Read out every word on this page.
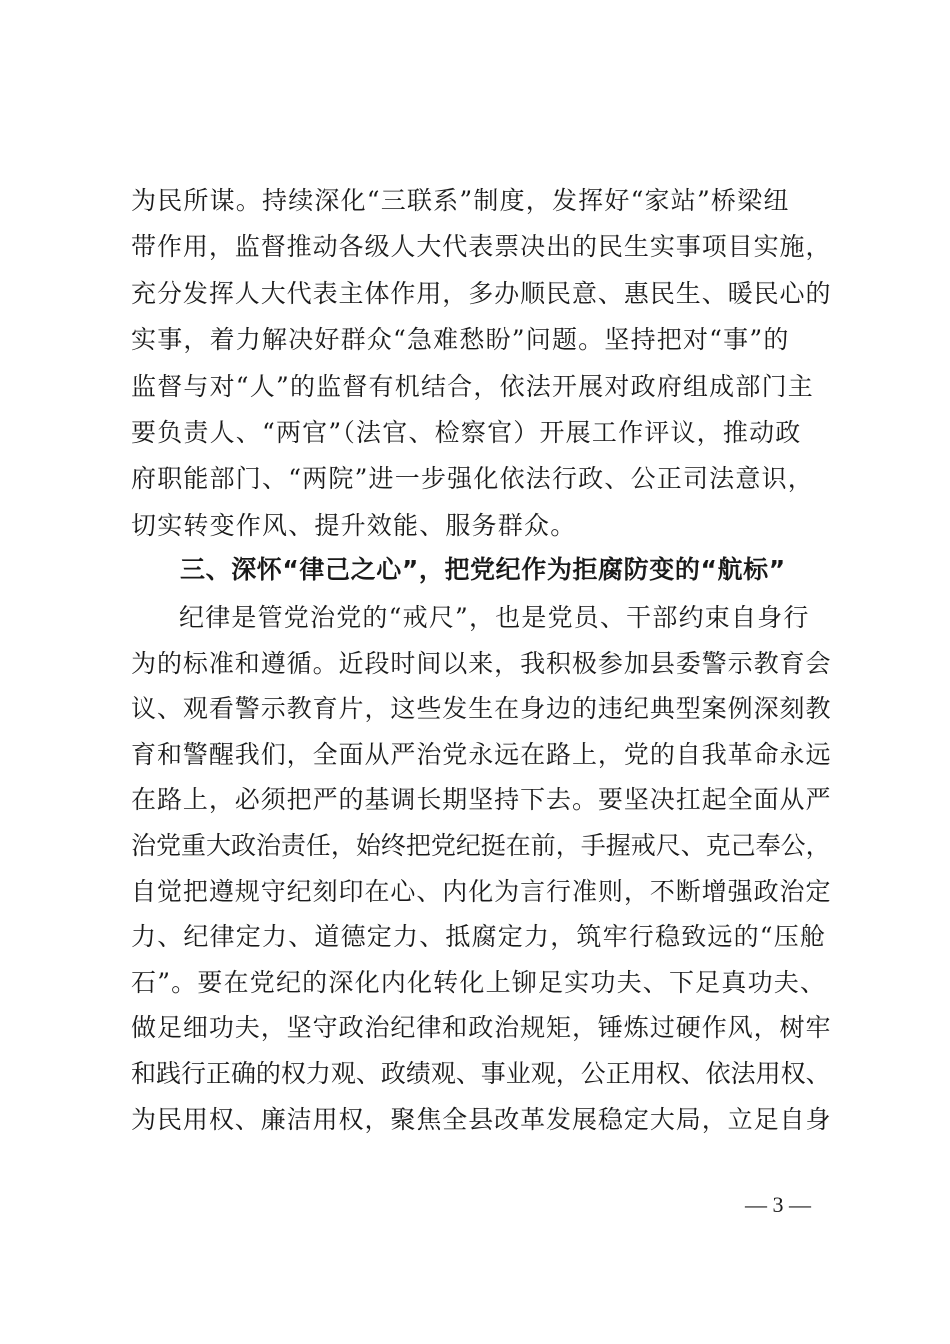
为民所谋。持续深化“三联系”制度，发挥好“家站”桥梁纽
带作用，监督推动各级人大代表票决出的民生实事项目实施，
充分发挥人大代表主体作用，多办顺民意、惠民生、暖民心的
实事，着力解决好群众“急难愁盼”问题。坚持把对“事”的
监督与对“人”的监督有机结合，依法开展对政府组成部门主
要负责人、“两官”（法官、检察官）开展工作评议，推动政
府职能部门、“两院”进一步强化依法行政、公正司法意识，
切实转变作风、提升效能、服务群众。
三、深怀“律己之心”，把党纪作为拒腐防变的“航标”
纪律是管党治党的“戒尺”，也是党员、干部约束自身行
为的标准和遵循。近段时间以来，我积极参加县委警示教育会
议、观看警示教育片，这些发生在身边的违纪典型案例深刻教
育和警醒我们，全面从严治党永远在路上，党的自我革命永远
在路上，必须把严的基调长期坚持下去。要坚决扛起全面从严
治党重大政治责任，始终把党纪挺在前，手握戒尺、克己奉公，
自觉把遵规守纪刻印在心、内化为言行准则，不断增强政治定
力、纪律定力、道德定力、抵腐定力，筑牢行稳致远的“压舱
石”。要在党纪的深化内化转化上铆足实功夫、下足真功夫、
做足细功夫，坚守政治纪律和政治规矩，锤炼过硬作风，树牢
和践行正确的权力观、政绩观、事业观，公正用权、依法用权、
为民用权、廉洁用权，聚焦全县改革发展稳定大局，立足自身
— 3 —
